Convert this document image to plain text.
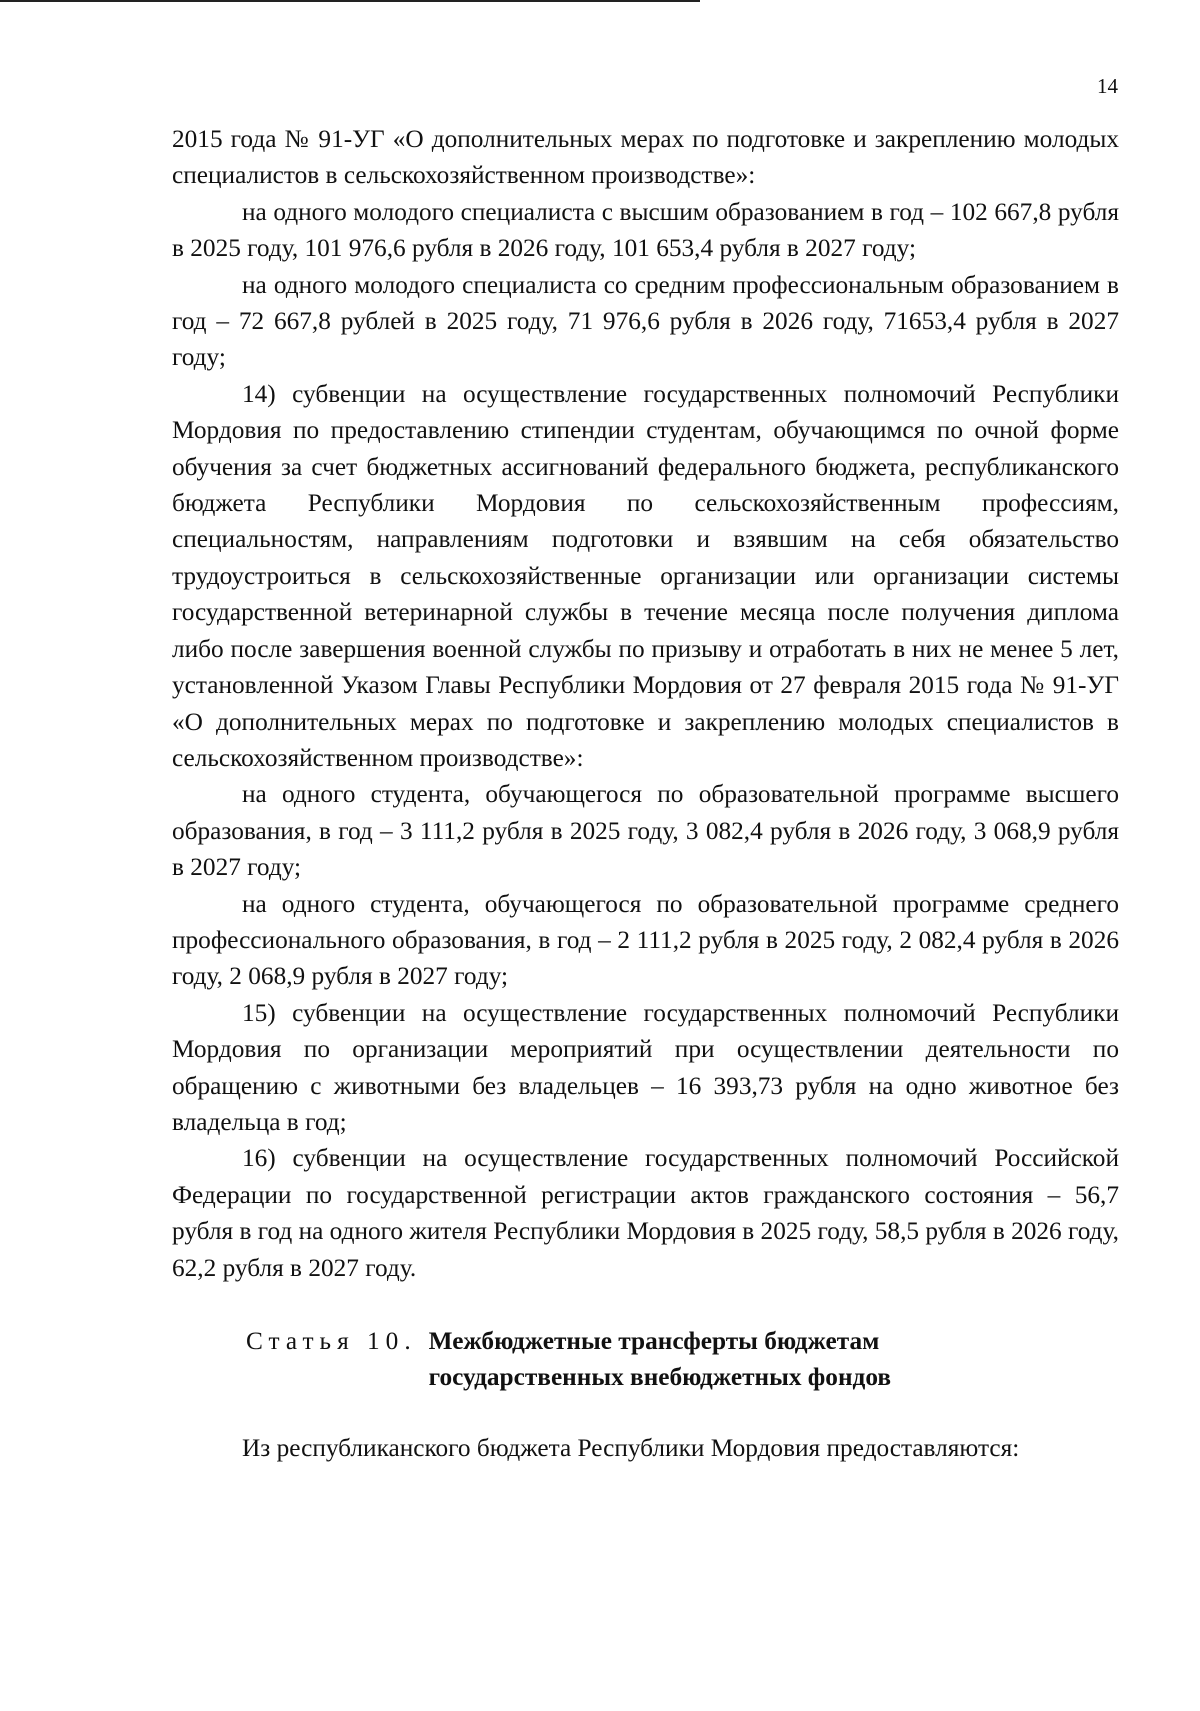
14

2015 года № 91-УГ «О дополнительных мерах по подготовке и закреплению молодых специалистов в сельскохозяйственном производстве»:

на одного молодого специалиста с высшим образованием в год – 102 667,8 рубля в 2025 году, 101 976,6 рубля в 2026 году, 101 653,4 рубля в 2027 году;

на одного молодого специалиста со средним профессиональным образованием в год – 72 667,8 рублей в 2025 году, 71 976,6 рубля в 2026 году, 71653,4 рубля в 2027 году;

14) субвенции на осуществление государственных полномочий Республики Мордовия по предоставлению стипендии студентам, обучающимся по очной форме обучения за счет бюджетных ассигнований федерального бюджета, республиканского бюджета Республики Мордовия по сельскохозяйственным профессиям, специальностям, направлениям подготовки и взявшим на себя обязательство трудоустроиться в сельскохозяйственные организации или организации системы государственной ветеринарной службы в течение месяца после получения диплома либо после завершения военной службы по призыву и отработать в них не менее 5 лет, установленной Указом Главы Республики Мордовия от 27 февраля 2015 года № 91-УГ «О дополнительных мерах по подготовке и закреплению молодых специалистов в сельскохозяйственном производстве»:

на одного студента, обучающегося по образовательной программе высшего образования, в год – 3 111,2 рубля в 2025 году, 3 082,4 рубля в 2026 году, 3 068,9 рубля в 2027 году;

на одного студента, обучающегося по образовательной программе среднего профессионального образования, в год – 2 111,2 рубля в 2025 году, 2 082,4 рубля в 2026 году, 2 068,9 рубля в 2027 году;

15) субвенции на осуществление государственных полномочий Республики Мордовия по организации мероприятий при осуществлении деятельности по обращению с животными без владельцев – 16 393,73 рубля на одно животное без владельца в год;

16) субвенции на осуществление государственных полномочий Российской Федерации по государственной регистрации актов гражданского состояния – 56,7 рубля в год на одного жителя Республики Мордовия в 2025 году, 58,5 рубля в 2026 году, 62,2 рубля в 2027 году.

Статья 10. Межбюджетные трансферты бюджетам
государственных внебюджетных фондов

Из республиканского бюджета Республики Мордовия предоставляются:
